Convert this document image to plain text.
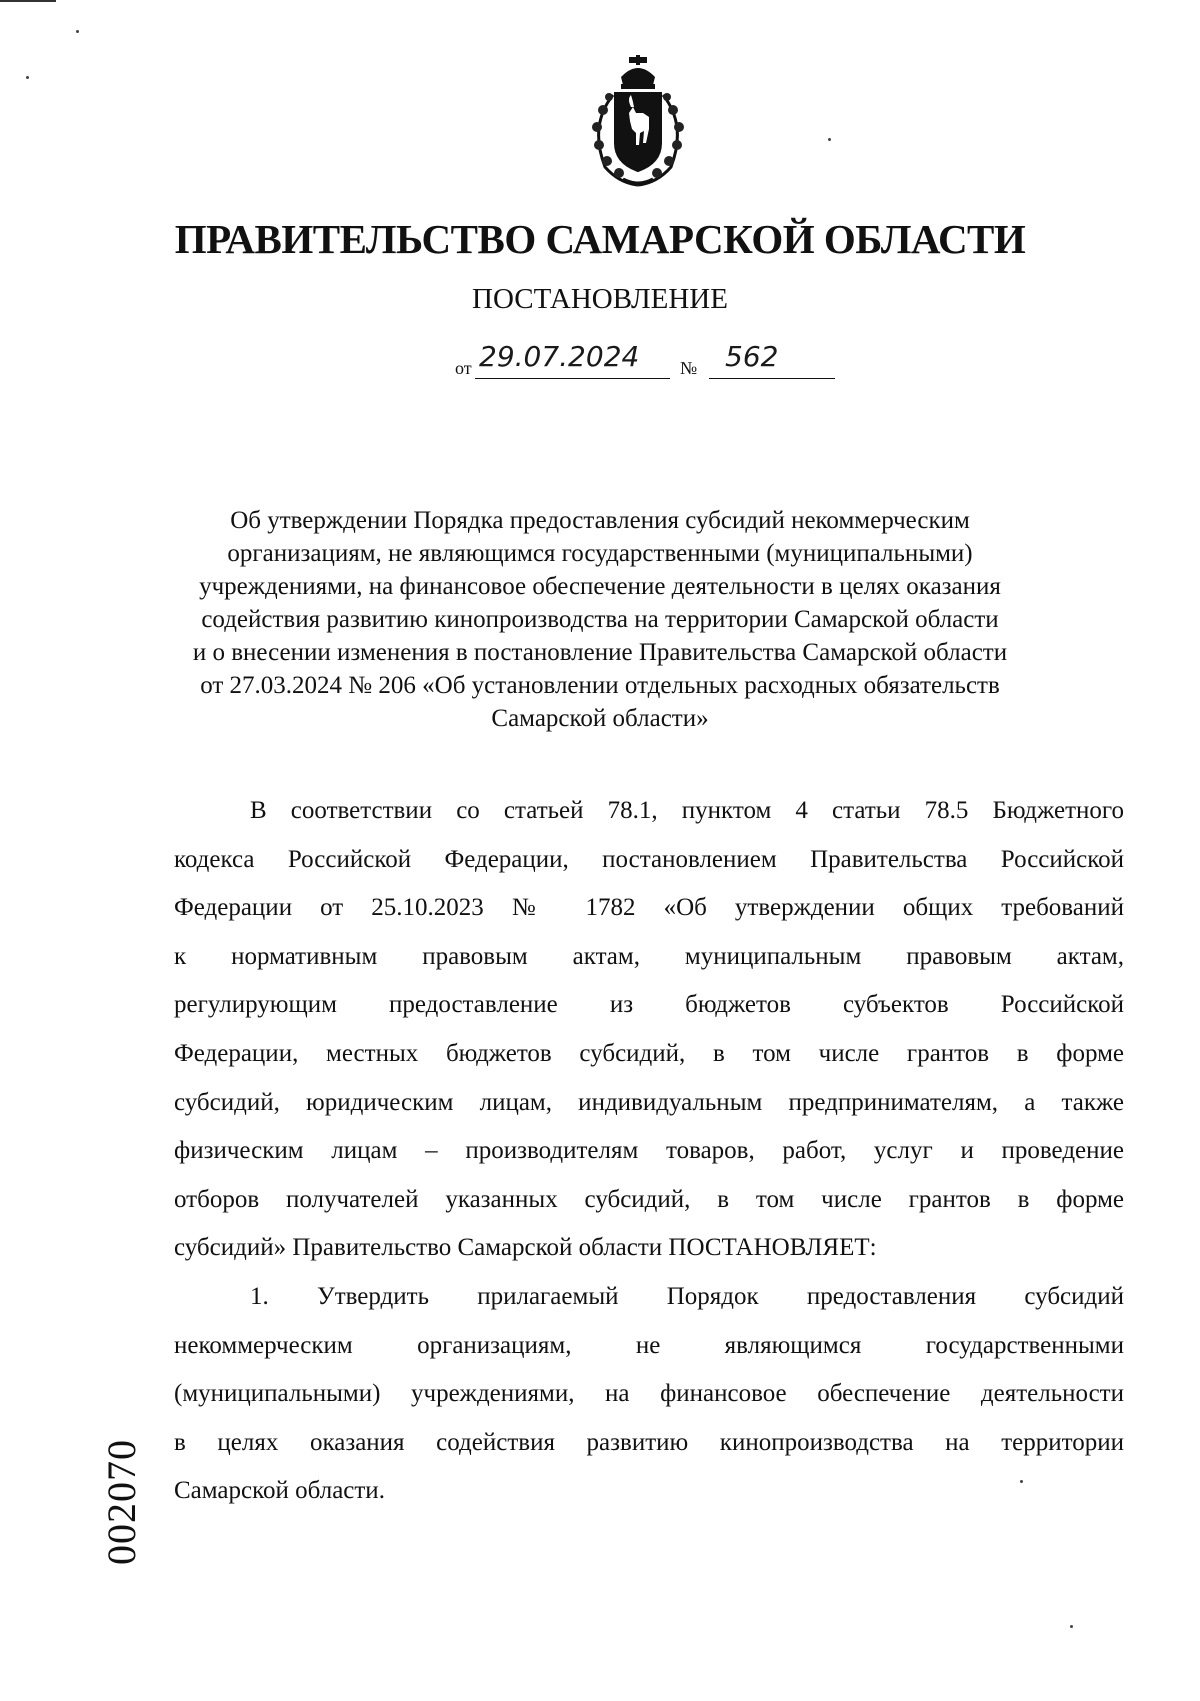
ПРАВИТЕЛЬСТВО САМАРСКОЙ ОБЛАСТИ
ПОСТАНОВЛЕНИЕ
от 29.07.2024 № 562
Об утверждении Порядка предоставления субсидий некоммерческим
организациям, не являющимся государственными (муниципальными)
учреждениями, на финансовое обеспечение деятельности в целях оказания
содействия развитию кинопроизводства на территории Самарской области
и о внесении изменения в постановление Правительства Самарской области
от 27.03.2024 № 206 «Об установлении отдельных расходных обязательств
Самарской области»
В соответствии со статьей 78.1, пунктом 4 статьи 78.5 Бюджетного
кодекса Российской Федерации, постановлением Правительства Российской
Федерации от 25.10.2023 № 1782 «Об утверждении общих требований
к нормативным правовым актам, муниципальным правовым актам,
регулирующим предоставление из бюджетов субъектов Российской
Федерации, местных бюджетов субсидий, в том числе грантов в форме
субсидий, юридическим лицам, индивидуальным предпринимателям, а также
физическим лицам – производителям товаров, работ, услуг и проведение
отборов получателей указанных субсидий, в том числе грантов в форме
субсидий» Правительство Самарской области ПОСТАНОВЛЯЕТ:
1. Утвердить прилагаемый Порядок предоставления субсидий
некоммерческим организациям, не являющимся государственными
(муниципальными) учреждениями, на финансовое обеспечение деятельности
в целях оказания содействия развитию кинопроизводства на территории
Самарской области.
002070
